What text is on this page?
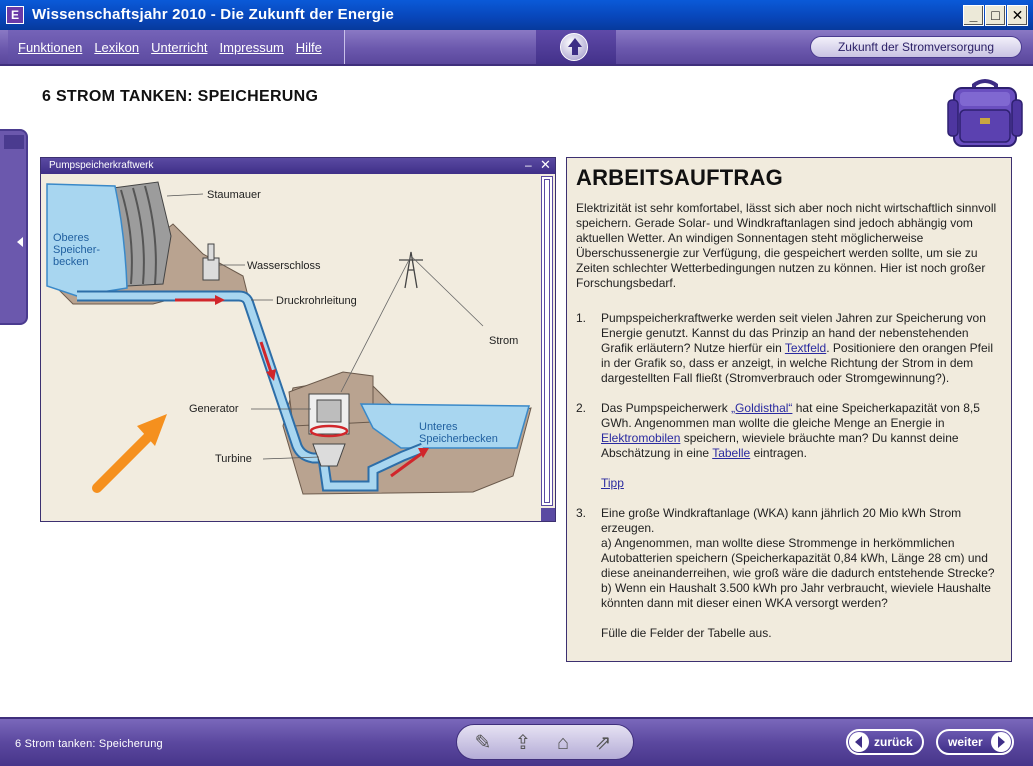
E Wissenschaftsjahr 2010 - Die Zukunft der Energie	_ □ ✕
Funktionen Lexikon Unterricht Impressum Hilfe	Zukunft der Stromversorgung
6 STROM TANKEN: SPEICHERUNG
Pumpspeicherkraftwerk	– ✕
Staumauer
Oberes
Speicher-
becken	Wasserschloss
Druckrohrleitung
Strom
Generator
Unteres
Speicherbecken
Turbine
ARBEITSAUFTRAG
Elektrizität ist sehr komfortabel, lässt sich aber noch nicht wirtschaftlich sinnvoll speichern. Gerade Solar- und Windkraftanlagen sind jedoch abhängig vom aktuellen Wetter. An windigen Sonnentagen steht möglicherweise Überschussenergie zur Verfügung, die gespeichert werden sollte, um sie zu Zeiten schlechter Wetterbedingungen nutzen zu können. Hier ist noch großer Forschungsbedarf.
1.	Pumpspeicherkraftwerke werden seit vielen Jahren zur Speicherung von Energie genutzt. Kannst du das Prinzip an hand der nebenstehenden Grafik erläutern? Nutze hierfür ein Textfeld. Positioniere den orangen Pfeil in der Grafik so, dass er anzeigt, in welche Richtung der Strom in dem dargestellten Fall fließt (Stromverbrauch oder Stromgewinnung?).
2.	Das Pumpspeicherwerk „Goldisthal“ hat eine Speicherkapazität von 8,5 GWh. Angenommen man wollte die gleiche Menge an Energie in Elektromobilen speichern, wieviele bräuchte man? Du kannst deine Abschätzung in eine Tabelle eintragen.
Tipp
3.	Eine große Windkraftanlage (WKA) kann jährlich 20 Mio kWh Strom erzeugen.
a) Angenommen, man wollte diese Strommenge in herkömmlichen Autobatterien speichern (Speicherkapazität 0,84 kWh, Länge 28 cm) und diese aneinanderreihen, wie groß wäre die dadurch entstehende Strecke?
b) Wenn ein Haushalt 3.500 kWh pro Jahr verbraucht, wieviele Haushalte könnten dann mit dieser einen WKA versorgt werden?
Fülle die Felder der Tabelle aus.
6 Strom tanken: Speicherung	✎	⇪	⌂	⇗	zurück	weiter
